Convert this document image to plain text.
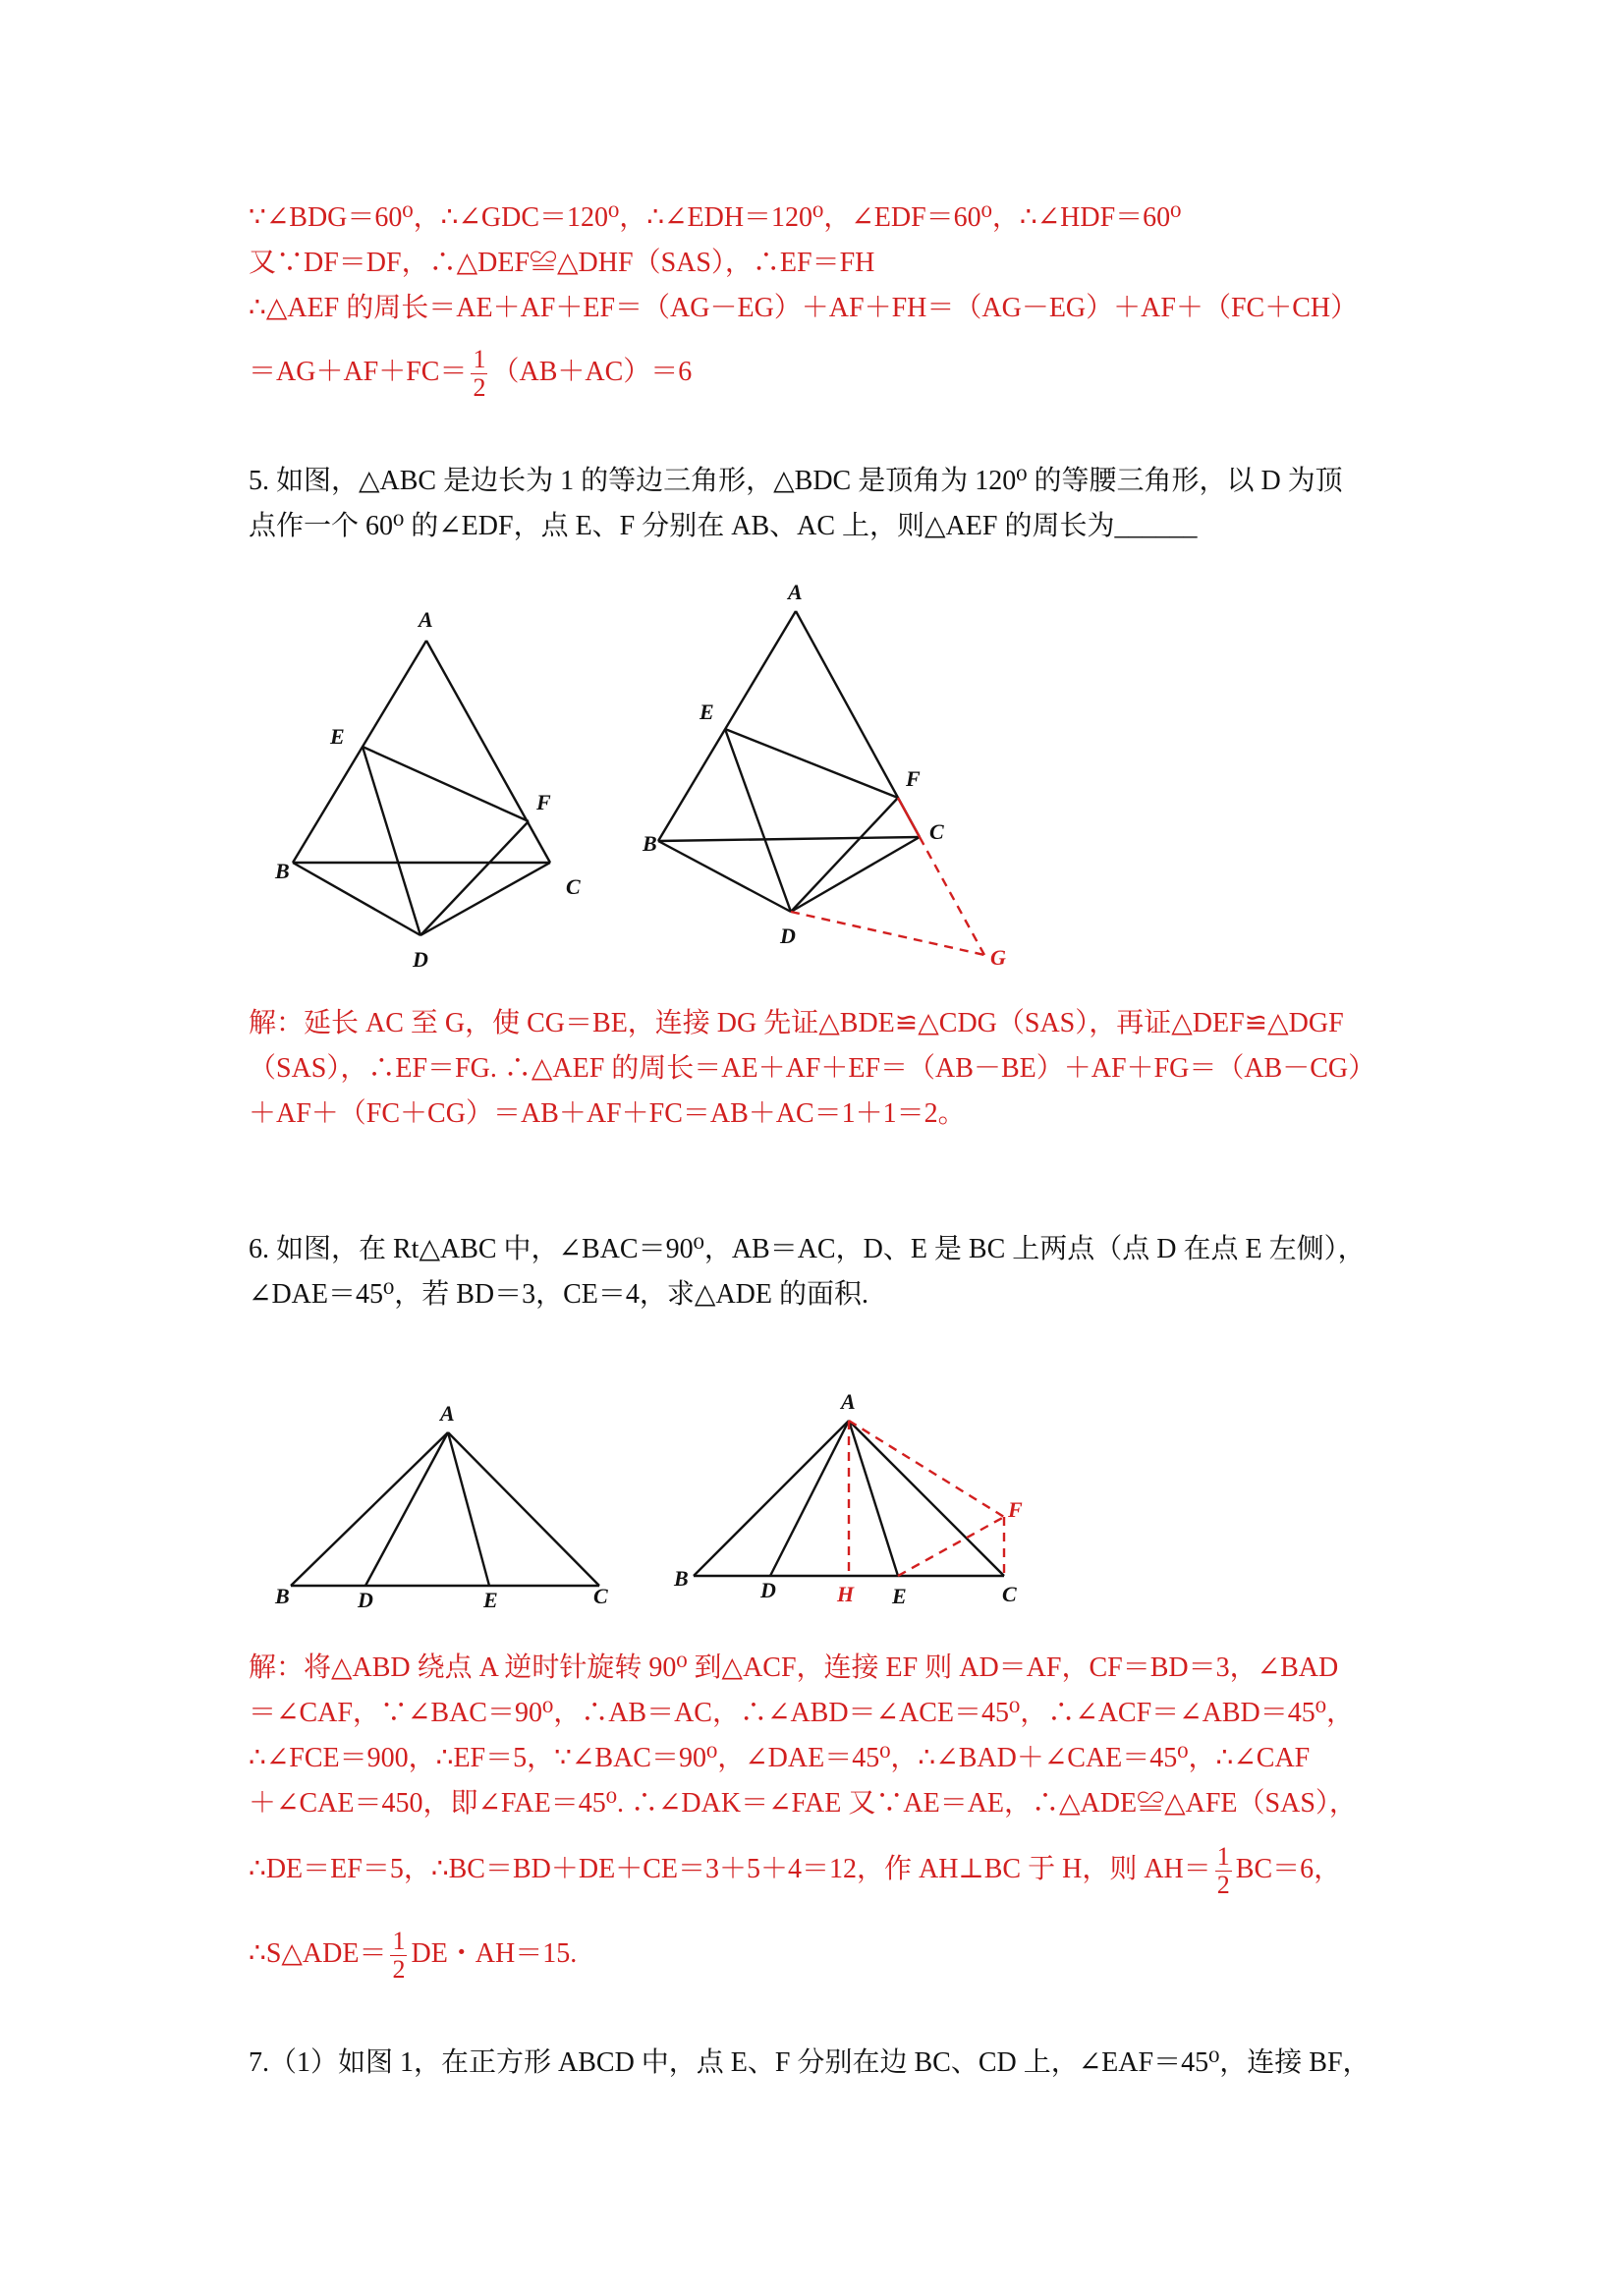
∵∠BDG＝60⁰，∴∠GDC＝120⁰，∴∠EDH＝120⁰，∠EDF＝60⁰，∴∠HDF＝60⁰
又∵DF＝DF，∴△DEF≌△DHF（SAS），∴EF＝FH
∴△AEF 的周长＝AE＋AF＋EF＝（AG－EG）＋AF＋FH＝（AG－EG）＋AF＋（FC＋CH）
$=AG+AF+FC= \frac{1}{2} (AB+AC)=6$
5. 如图，△ABC 是边长为 1 的等边三角形，△BDC 是顶角为 120⁰ 的等腰三角形，以 D 为顶
点作一个 60⁰ 的∠EDF，点 E、F 分别在 AB、AC 上，则△AEF 的周长为______
A
E
F
B
C
D
A
E
F
B	C
D
G
A
B	D	E	C
A
F
B	D	H E	C
解：延长 AC 至 G，使 CG＝BE，连接 DG 先证△BDE≌△CDG（SAS），再证△DEF≌△DGF
（SAS），∴EF＝FG. ∴△AEF 的周长＝AE＋AF＋EF＝（AB－BE）＋AF＋FG＝（AB－CG）
＋AF＋（FC＋CG）＝AB＋AF＋FC＝AB＋AC＝1＋1＝2。
6. 如图，在 Rt△ABC 中，∠BAC＝90⁰，AB＝AC，D、E 是 BC 上两点（点 D 在点 E 左侧），
∠DAE＝45⁰，若 BD＝3，CE＝4，求△ADE 的面积.
解：将△ABD 绕点 A 逆时针旋转 90⁰ 到△ACF，连接 EF 则 AD＝AF，CF＝BD＝3，∠BAD
＝∠CAF，∵∠BAC＝90⁰，∴AB＝AC，∴∠ABD＝∠ACE＝45⁰，∴∠ACF＝∠ABD＝45⁰，
∴∠FCE＝900，∴EF＝5，∵∠BAC＝90⁰，∠DAE＝45⁰，∴∠BAD＋∠CAE＝45⁰，∴∠CAF
＋∠CAE＝450，即∠FAE＝45⁰. ∴∠DAK＝∠FAE 又∵AE＝AE，∴△ADE≌△AFE（SAS），
∴DE＝EF＝5，∴BC＝BD＋DE＋CE＝3＋5＋4＝12，作 AH⊥BC 于 H，则 $AH= \frac{1}{2} BC=6$，
∴S△ADE＝ $\frac{1}{2}$ DE・AH＝15.
7.（1）如图 1，在正方形 ABCD 中，点 E、F 分别在边 BC、CD 上，∠EAF＝45⁰，连接 BF，
